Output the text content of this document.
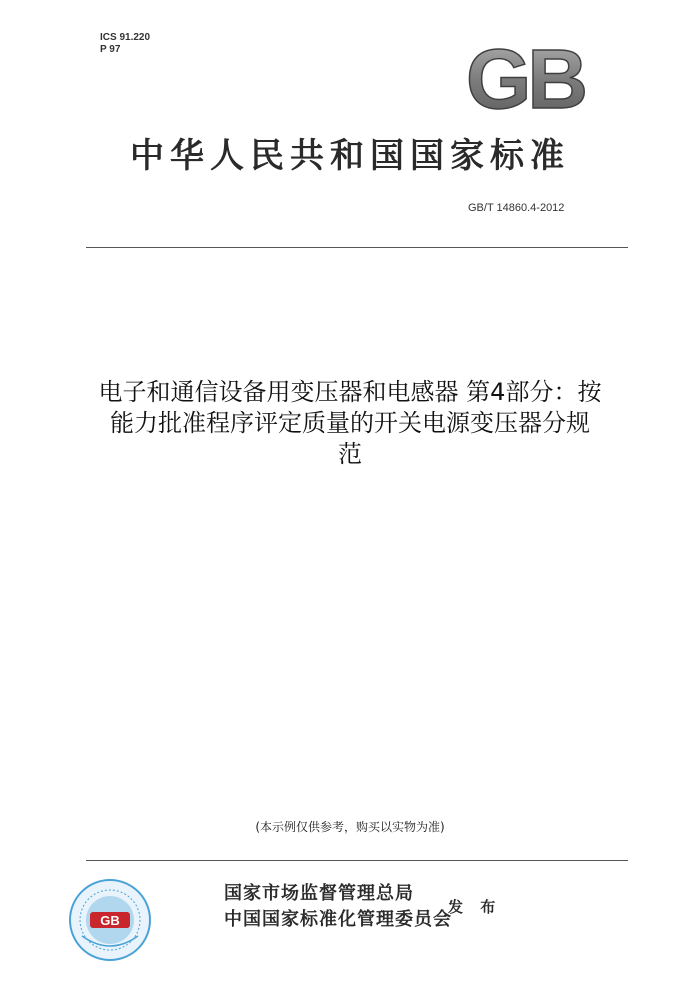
ICS 91.220
P 97	GB
中华人民共和国国家标准
GB/T 14860.4-2012
电子和通信设备用变压器和电感器 第4部分：按
能力批准程序评定质量的开关电源变压器分规
范
(本示例仅供参考，购买以实物为准)
GB
国家市场监督管理总局
中国国家标准化管理委员会
发 布
